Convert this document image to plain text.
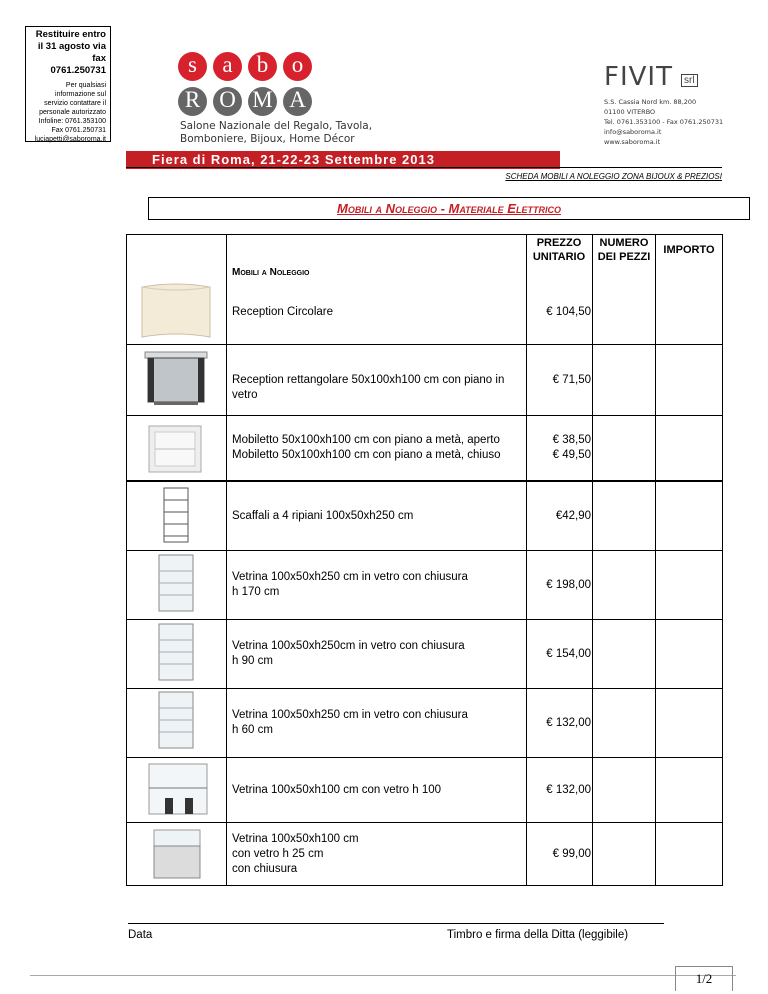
Restituire entro il 31 agosto via fax
0761.250731
Per qualsiasi informazione sul servizio contattare il personale autorizzato
Infoline: 0761.353100
Fax 0761.250731
luciapetti@saboroma.it
s	a	b	o
R O M A
Salone Nazionale del Regalo, Tavola,
Bomboniere, Bijoux, Home Décor
FIVIT	srl
S.S. Cassia Nord km. 88,200
01100 VITERBO
Tel. 0761.353100 - Fax 0761.250731
info@saboroma.it
www.saboroma.it
Fiera di Roma, 21-22-23 Settembre 2013
SCHEDA MOBILI A NOLEGGIO ZONA BIJOUX & PREZIOSI
Mobili a Noleggio - Materiale Elettrico
PREZZO UNITARIO
NUMERO DEI PEZZI
IMPORTO
Mobili a Noleggio
Reception Circolare	€ 104,50
Reception rettangolare 50x100xh100 cm con piano in vetro
€ 71,50
Mobiletto 50x100xh100 cm con piano a metà, aperto
Mobiletto 50x100xh100 cm con piano a metà, chiuso
€ 38,50
€ 49,50
Scaffali a 4 ripiani 100x50xh250 cm	€42,90
Vetrina 100x50xh250 cm in vetro con chiusura
h 170 cm
€ 198,00
Vetrina 100x50xh250cm in vetro con chiusura
h 90 cm
€ 154,00
Vetrina 100x50xh250 cm in vetro con chiusura
h 60 cm
€ 132,00
Vetrina 100x50xh100 cm con vetro h 100	€ 132,00
Vetrina 100x50xh100 cm
con vetro h 25 cm
con chiusura
€ 99,00
Data	Timbro e firma della Ditta (leggibile)
1/2
